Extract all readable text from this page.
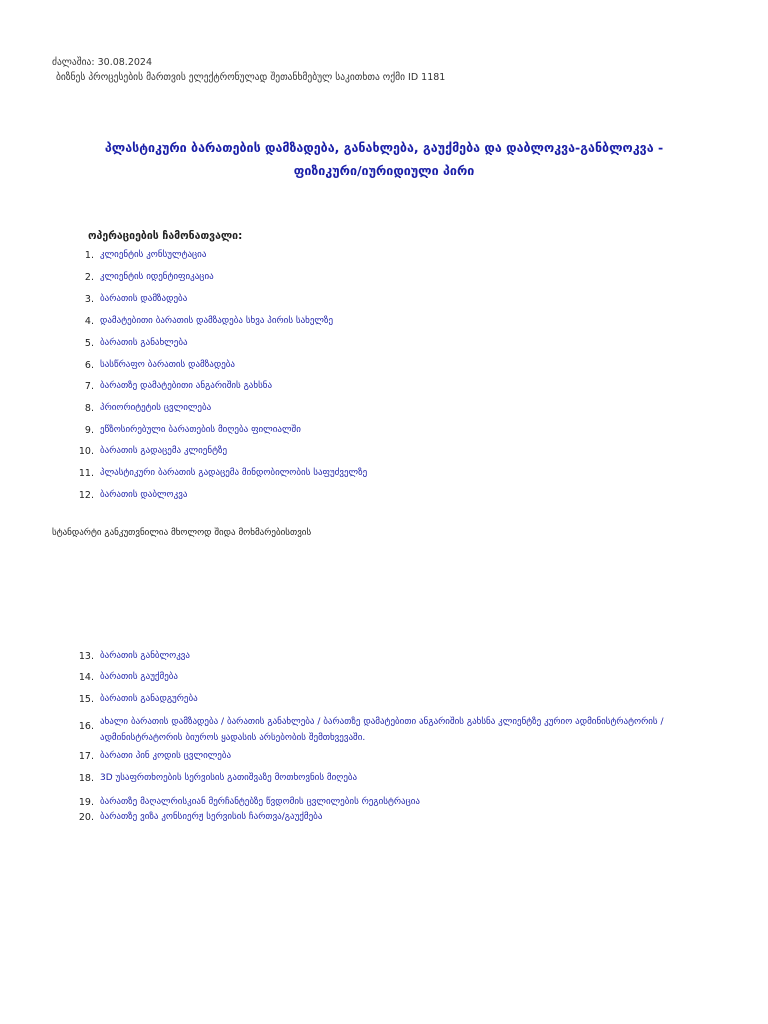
ძალაშია: 30.08.2024
ბიზნეს პროცესების მართვის ელექტრონულად შეთანხმებულ საკითხთა ოქმი ID 1181
პლასტიკური ბარათების დამზადება, განახლება, გაუქმება და დაბლოკვა-განბლოკვა -
ფიზიკური/იურიდიული პირი
ოპერაციების ჩამონათვალი:
1. კლიენტის კონსულტაცია
2. კლიენტის იდენტიფიკაცია
3. ბარათის დამზადება
4. დამატებითი ბარათის დამზადება სხვა პირის სახელზე
5. ბარათის განახლება
6. სასწრაფო ბარათის დამზადება
7. ბარათზე დამატებითი ანგარიშის გახსნა
8. პრიორიტეტის ცვლილება
9. ეწზოსირებული ბარათების მიღება ფილიალში
10. ბარათის გადაცემა კლიენტზე
11. პლასტიკური ბარათის გადაცემა მინდობილობის საფუძველზე
12. ბარათის დაბლოკვა
სტანდარტი განკუთვნილია მხოლოდ შიდა მოხმარებისთვის
13. ბარათის განბლოკვა
14. ბარათის გაუქმება
15. ბარათის განადგურება
16. ახალი ბარათის დამზადება / ბარათის განახლება / ბარათზე დამატებითი ანგარიშის გახსნა კლიენტზე კურიო ადმინისტრატორის / ადმინისტრატორის ბიუროს ყადასის არსებობის შემთხვევაში.
17. ბარათი პინ კოდის ცვლილება
18. 3D უსაფრთხოების სერვისის გათიშვაზე მოთხოვნის მიღება
19. ბარათზე მაღალრისკიან მერჩანტებზე წვდომის ცვლილების რეგისტრაცია
20. ბარათზე ვიზა კონსიერჟ სერვისის ჩართვა/გაუქმება
